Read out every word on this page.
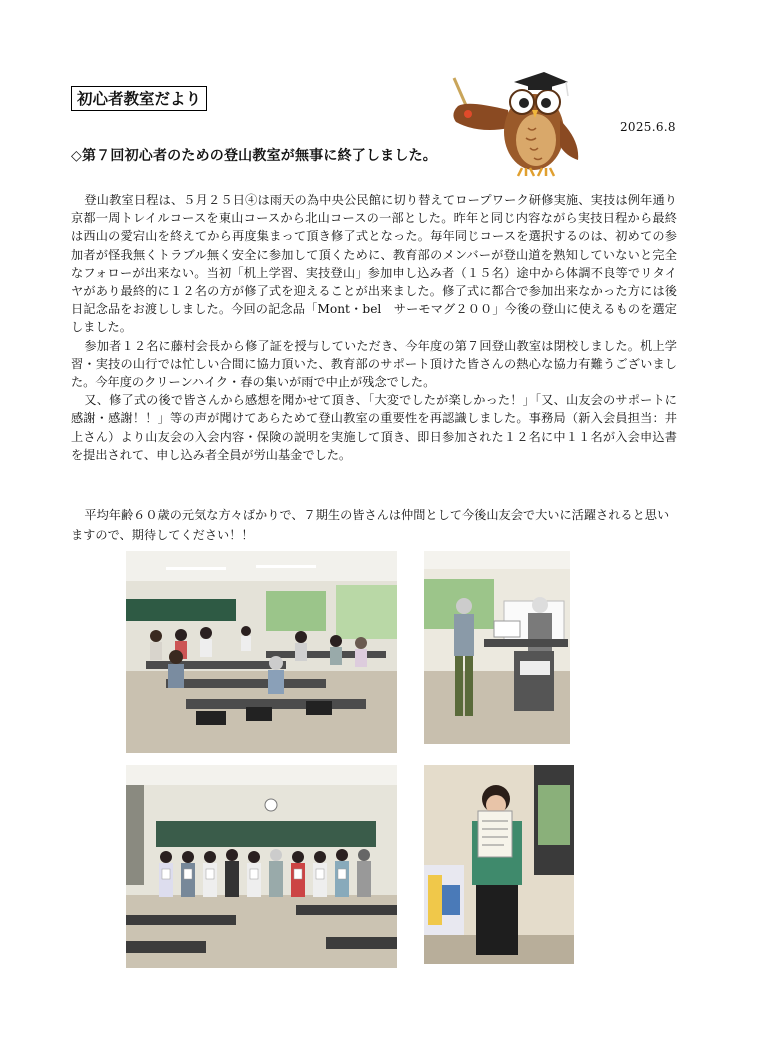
初心者教室だより
2025.6.8
◇第７回初心者のための登山教室が無事に終了しました。

登山教室日程は、５月２５日④は雨天の為中央公民館に切り替えてロープワーク研修実施、実技は例年通り京都一周トレイルコースを東山コースから北山コースの一部とした。昨年と同じ内容ながら実技日程から最終は西山の愛宕山を終えてから再度集まって頂き修了式となった。毎年同じコースを選択するのは、初めての参加者が怪我無くトラブル無く安全に参加して頂くために、教育部のメンバーが登山道を熟知していないと完全なフォローが出来ない。当初「机上学習、実技登山」参加申し込み者（１５名）途中から体調不良等でリタイヤがあり最終的に１２名の方が修了式を迎えることが出来ました。修了式に都合で参加出来なかった方には後日記念品をお渡ししました。今回の記念品「Mont・bel　サーモマグ２００」今後の登山に使えるものを選定しました。

参加者１２名に藤村会長から修了証を授与していただき、今年度の第７回登山教室は閉校しました。机上学習・実技の山行では忙しい合間に協力頂いた、教育部のサポート頂けた皆さんの熱心な協力有難うございました。今年度のクリーンハイク・春の集いが雨で中止が残念でした。

又、修了式の後で皆さんから感想を聞かせて頂き、「大変でしたが楽しかった！」「又、山友会のサポートに感謝・感謝！！」等の声が聞けてあらためて登山教室の重要性を再認識しました。事務局（新入会員担当：井上さん）より山友会の入会内容・保険の説明を実施して頂き、即日参加された１２名に中１１名が入会申込書を提出されて、申し込み者全員が労山基金でした。

平均年齢６０歳の元気な方々ばかりで、７期生の皆さんは仲間として今後山友会で大いに活躍されると思いますので、期待してください！！
